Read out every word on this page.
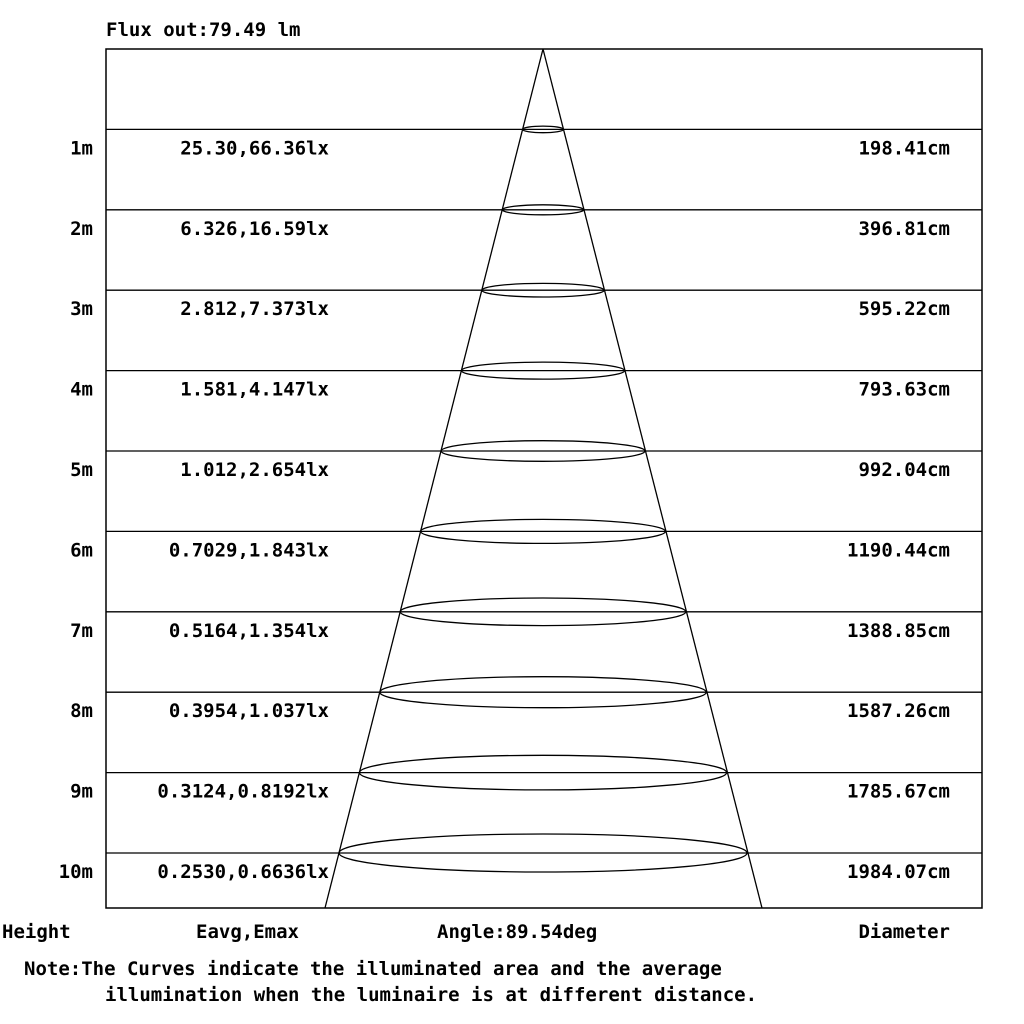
Flux out:79.49 lm
1m	25.30,66.36lx	198.41cm
2m	6.326,16.59lx	396.81cm
3m	2.812,7.373lx	595.22cm
4m	1.581,4.147lx	793.63cm
5m	1.012,2.654lx	992.04cm
6m	0.7029,1.843lx	1190.44cm
7m	0.5164,1.354lx	1388.85cm
8m	0.3954,1.037lx	1587.26cm
9m	0.3124,0.8192lx	1785.67cm
10m	0.2530,0.6636lx	1984.07cm
Height	Eavg,Emax	Angle:89.54deg	Diameter
Note:The Curves indicate the illuminated area and the average
illumination when the luminaire is at different distance.
